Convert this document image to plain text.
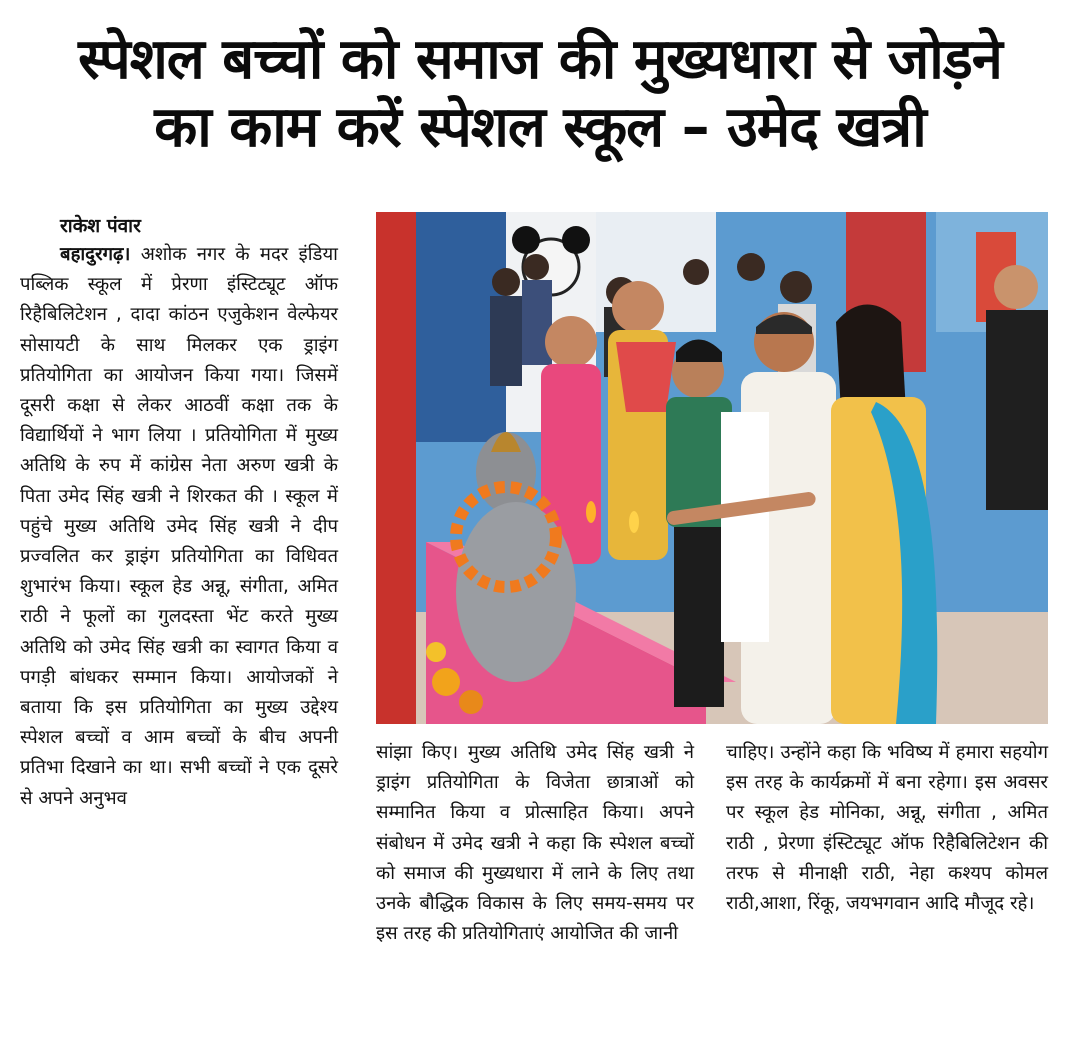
स्पेशल बच्चों को समाज की मुख्यधारा से जोड़ने
का काम करें स्पेशल स्कूल – उमेद खत्री

राकेश पंवार

बहादुरगढ़। अशोक नगर के मदर इंडिया पब्लिक स्कूल में प्रेरणा इंस्टिट्यूट ऑफ रिहैबिलिटेशन , दादा कांठन एजुकेशन वेल्फेयर सोसायटी के साथ मिलकर एक ड्राइंग प्रतियोगिता का आयोजन किया गया। जिसमें दूसरी कक्षा से लेकर आठवीं कक्षा तक के विद्यार्थियों ने भाग लिया । प्रतियोगिता में मुख्य अतिथि के रुप में कांग्रेस नेता अरुण खत्री के पिता उमेद सिंह खत्री ने शिरकत की । स्कूल में पहुंचे मुख्य अतिथि उमेद सिंह खत्री ने दीप प्रज्वलित कर ड्राइंग प्रतियोगिता का विधिवत शुभारंभ किया। स्कूल हेड अन्नू, संगीता, अमित राठी ने फूलों का गुलदस्ता भेंट करते मुख्य अतिथि को उमेद सिंह खत्री का स्वागत किया व पगड़ी बांधकर सम्मान किया। आयोजकों ने बताया कि इस प्रतियोगिता का मुख्य उद्देश्य स्पेशल बच्चों व आम बच्चों के बीच अपनी प्रतिभा दिखाने का था। सभी बच्चों ने एक दूसरे से अपने अनुभव

सांझा किए। मुख्य अतिथि उमेद सिंह खत्री ने ड्राइंग प्रतियोगिता के विजेता छात्राओं को सम्मानित किया व प्रोत्साहित किया। अपने संबोधन में उमेद खत्री ने कहा कि स्पेशल बच्चों को समाज की मुख्यधारा में लाने के लिए तथा उनके बौद्धिक विकास के लिए समय-समय पर इस तरह की प्रतियोगिताएं आयोजित की जानी

चाहिए। उन्होंने कहा कि भविष्य में हमारा सहयोग इस तरह के कार्यक्रमों में बना रहेगा। इस अवसर पर स्कूल हेड मोनिका, अन्नू, संगीता , अमित राठी , प्रेरणा इंस्टिट्यूट ऑफ रिहैबिलिटेशन की तरफ से मीनाक्षी राठी, नेहा कश्यप कोमल राठी,आशा, रिंकू, जयभगवान आदि मौजूद रहे।
